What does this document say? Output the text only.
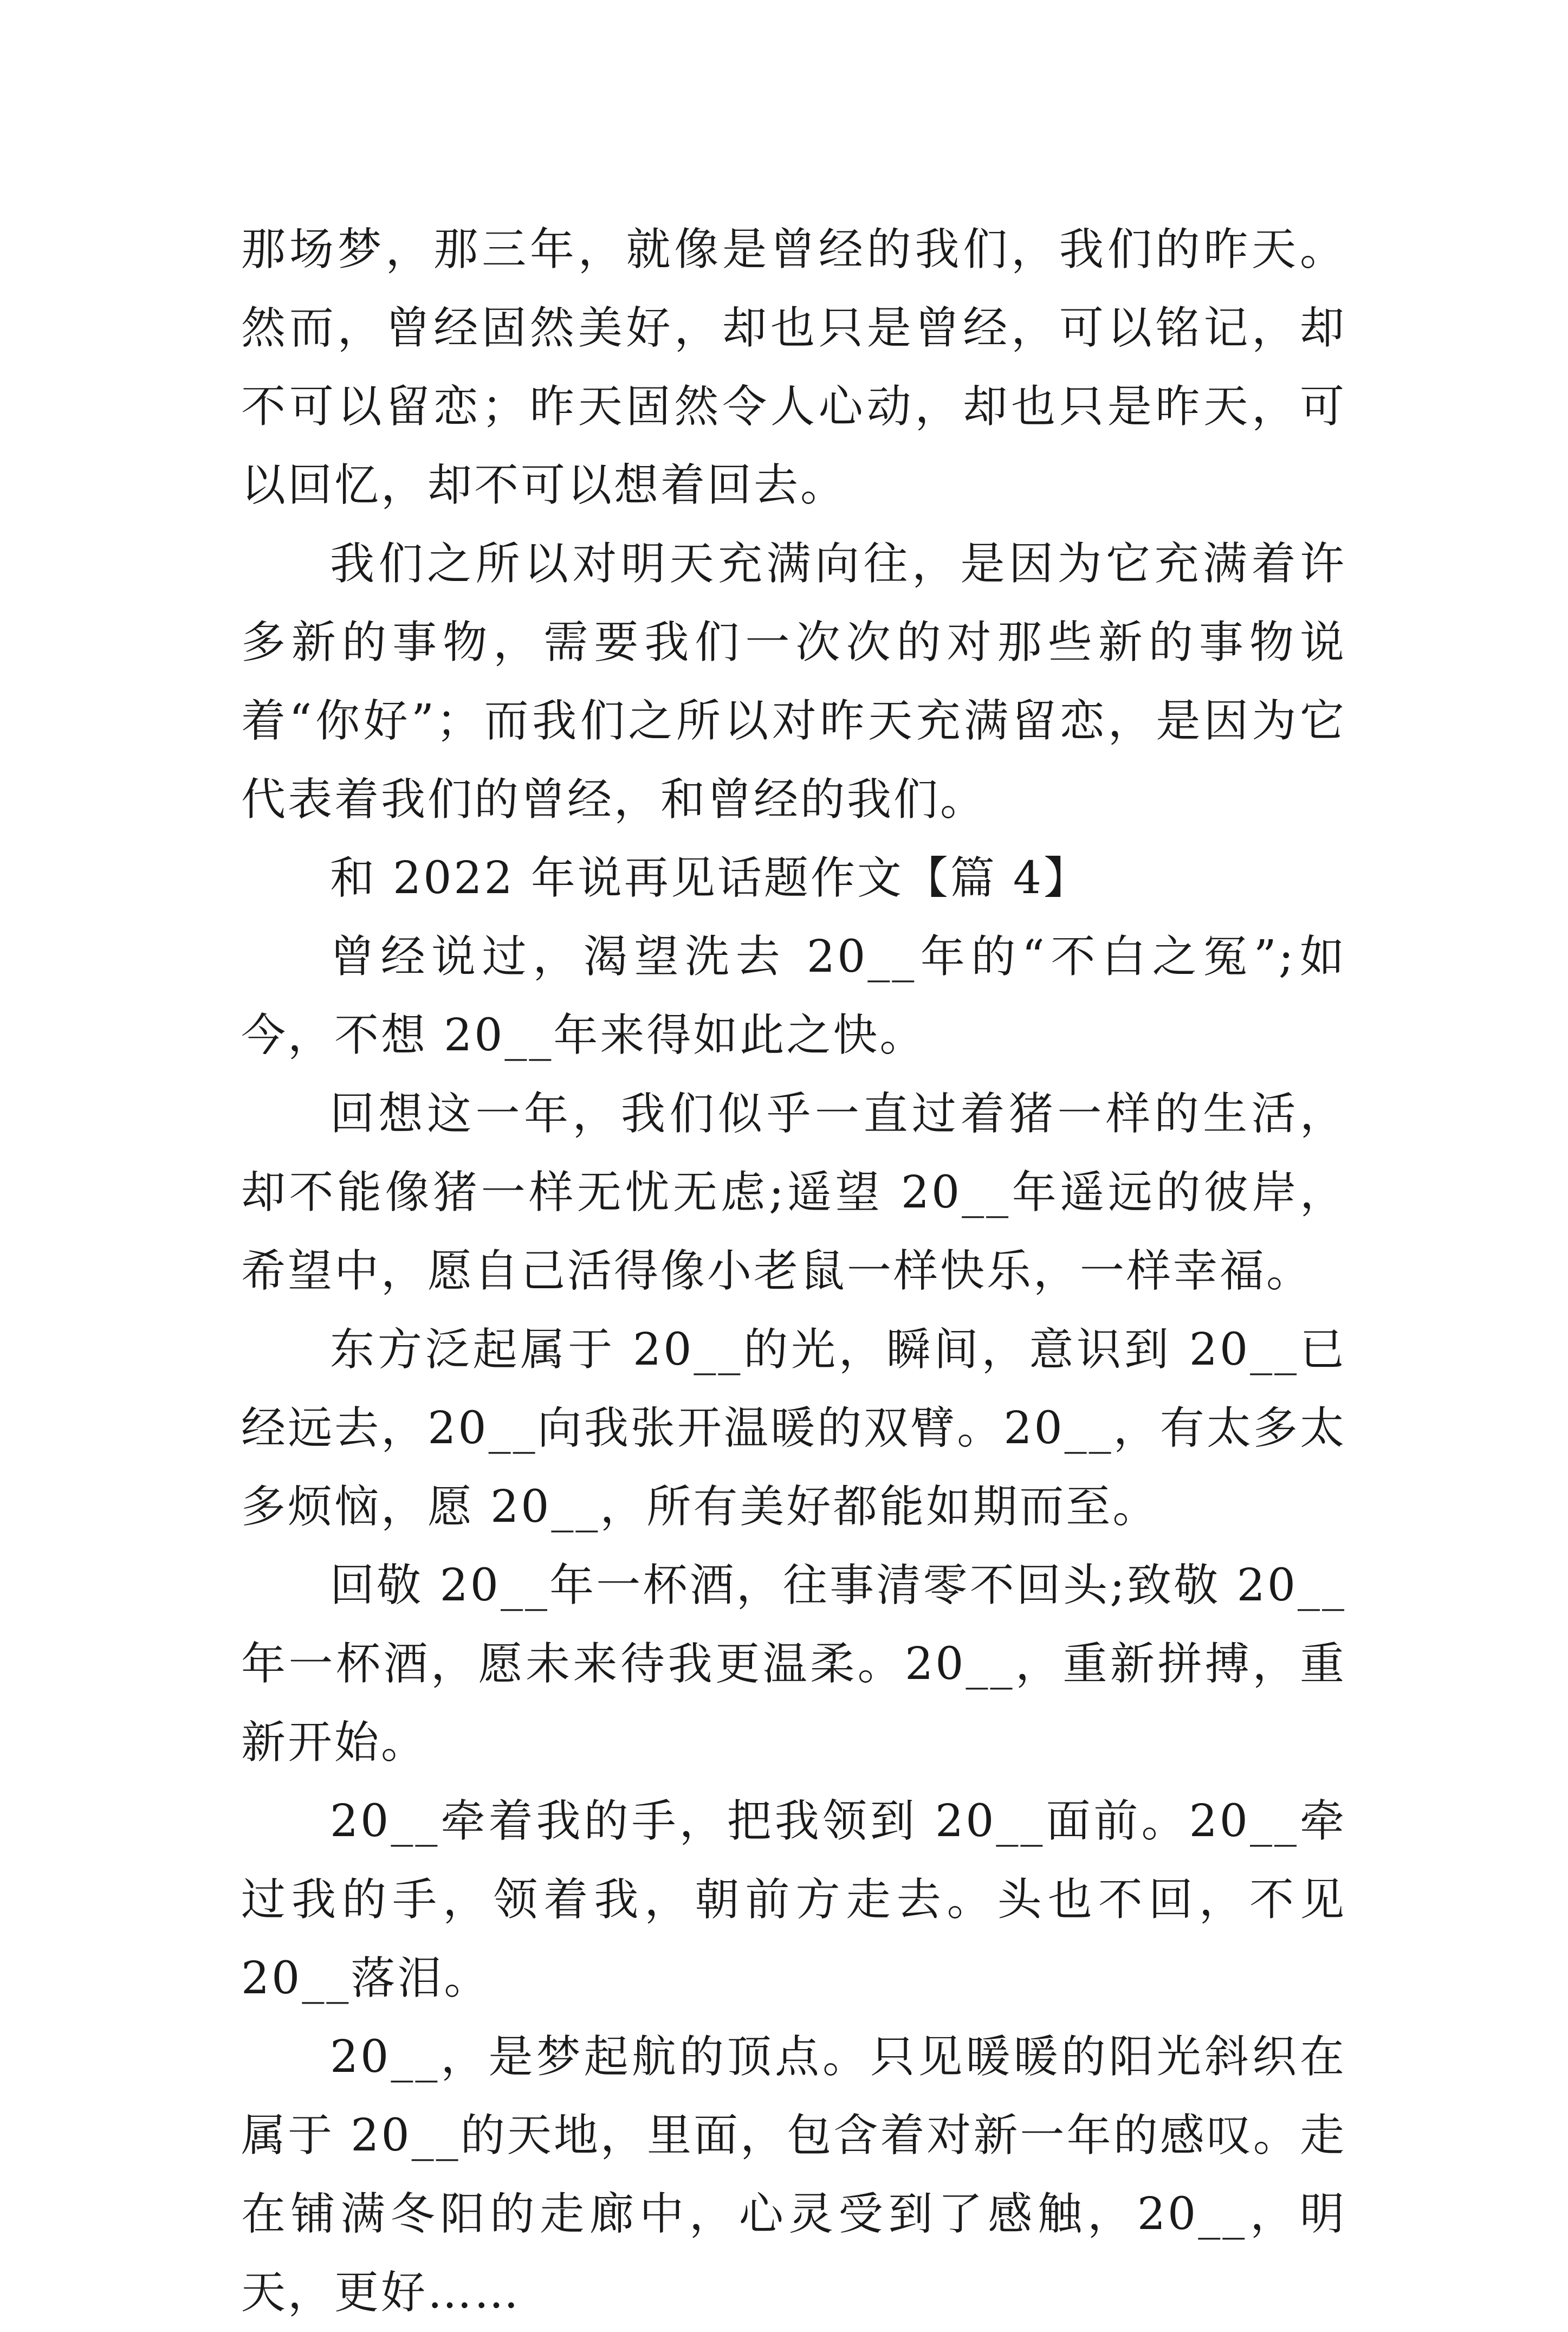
那场梦，那三年，就像是曾经的我们，我们的昨天。然而，曾经固然美好，却也只是曾经，可以铭记，却不可以留恋；昨天固然令人心动，却也只是昨天，可以回忆，却不可以想着回去。

我们之所以对明天充满向往，是因为它充满着许多新的事物，需要我们一次次的对那些新的事物说着“你好”；而我们之所以对昨天充满留恋，是因为它代表着我们的曾经，和曾经的我们。

和 2022 年说再见话题作文【篇 4】

曾经说过，渴望洗去 20__年的“不白之冤”;如今，不想 20__年来得如此之快。

回想这一年，我们似乎一直过着猪一样的生活，却不能像猪一样无忧无虑;遥望 20__年遥远的彼岸，希望中，愿自己活得像小老鼠一样快乐，一样幸福。

东方泛起属于 20__的光，瞬间，意识到 20__已经远去，20__向我张开温暖的双臂。20__，有太多太多烦恼，愿 20__，所有美好都能如期而至。

回敬 20__年一杯酒，往事清零不回头;致敬 20__年一杯酒，愿未来待我更温柔。20__，重新拼搏，重新开始。

20__牵着我的手，把我领到 20__面前。20__牵过我的手，领着我，朝前方走去。头也不回，不见 20__落泪。

20__，是梦起航的顶点。只见暖暖的阳光斜织在属于 20__的天地，里面，包含着对新一年的感叹。走在铺满冬阳的走廊中，心灵受到了感触，20__，明天，更好……
